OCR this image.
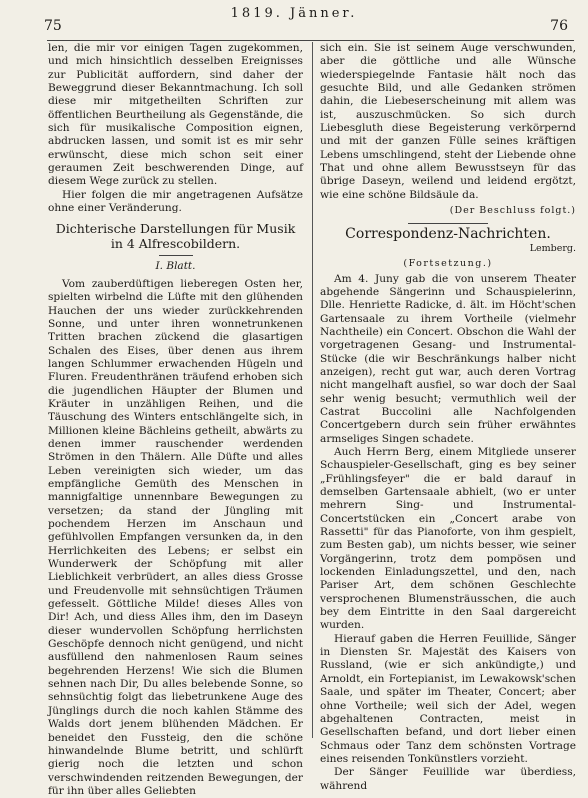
75
1819. Jänner.
76

len, die mir vor einigen Tagen zugekommen, und mich hinsichtlich desselben Ereignisses zur Publicität auffordern, sind daher der Beweggrund dieser Bekanntmachung. Ich soll diese mir mitgetheilten Schriften zur öffentlichen Beurtheilung als Gegenstände, die sich für musikalische Composition eignen, abdrucken lassen, und somit ist es mir sehr erwünscht, diese mich schon seit einer geraumen Zeit beschwerenden Dinge, auf diesem Wege zurück zu stellen.

Hier folgen die mir angetragenen Aufsätze ohne einer Veränderung.

Dichterische Darstellungen für Musik in 4 Alfrescobildern.
I. Blatt.

Vom zauberdüftigen lieberegen Osten her, spielten wirbelnd die Lüfte mit den glühenden Hauchen der uns wieder zurückkehrenden Sonne, und unter ihren wonnetrunkenen Tritten brachen zückend die glasartigen Schalen des Eises, über denen aus ihrem langen Schlummer erwachenden Hügeln und Fluren. Freudenthränen träufend erhoben sich die jugendlichen Häupter der Blumen und Kräuter in unzähligen Reihen, und die Täuschung des Winters entschlängelte sich, in Millionen kleine Bächleins getheilt, abwärts zu denen immer rauschender werdenden Strömen in den Thälern. Alle Düfte und alles Leben vereinigten sich wieder, um das empfängliche Gemüth des Menschen in mannigfaltige unnennbare Bewegungen zu versetzen; da stand der Jüngling mit pochendem Herzen im Anschaun und gefühlvollen Empfangen versunken da, in den Herrlichkeiten des Lebens; er selbst ein Wunderwerk der Schöpfung mit aller Lieblichkeit verbrüdert, an alles diess Grosse und Freudenvolle mit sehnsüchtigen Träumen gefesselt. Göttliche Milde! dieses Alles von Dir! Ach, und diess Alles ihm, den im Daseyn dieser wundervollen Schöpfung herrlichsten Geschöpfe dennoch nicht genügend, und nicht ausfüllend den nahmenlosen Raum seines begehrenden Herzens! Wie sich die Blumen sehnen nach Dir, Du alles belebende Sonne, so sehnsüchtig folgt das liebetrunkene Auge des Jünglings durch die noch kahlen Stämme des Walds dort jenem blühenden Mädchen. Er beneidet den Fussteig, den die schöne hinwandelnde Blume betritt, und schlürft gierig noch die letzten und schon verschwindenden reitzenden Bewegungen, der für ihn über alles Geliebten

sich ein. Sie ist seinem Auge verschwunden, aber die göttliche und alle Wünsche wiederspiegelnde Fantasie hält noch das gesuchte Bild, und alle Gedanken strömen dahin, die Liebeserscheinung mit allem was ist, auszuschmücken. So sich durch Liebesgluth diese Begeisterung verkörpernd und mit der ganzen Fülle seines kräftigen Lebens umschlingend, steht der Liebende ohne That und ohne allem Bewusstseyn für das übrige Daseyn, weilend und leidend ergötzt, wie eine schöne Bildsäule da.

(Der Beschluss folgt.)
Correspondenz-Nachrichten.
Lemberg.
(Fortsetzung.)

Am 4. Juny gab die von unserem Theater abgehende Sängerinn und Schauspielerinn, Dlle. Henriette Radicke, d. ält. im Höcht'schen Gartensaale zu ihrem Vortheile (vielmehr Nachtheile) ein Concert. Obschon die Wahl der vorgetragenen Gesang- und Instrumental-Stücke (die wir Beschränkungs halber nicht anzeigen), recht gut war, auch deren Vortrag nicht mangelhaft ausfiel, so war doch der Saal sehr wenig besucht; vermuthlich weil der Castrat Buccolini alle Nachfolgenden Concertgebern durch sein früher erwähntes armseliges Singen schadete.

Auch Herrn Berg, einem Mitgliede unserer Schauspieler-Gesellschaft, ging es bey seiner „Frühlingsfeyer" die er bald darauf in demselben Gartensaale abhielt, (wo er unter mehrern Sing- und Instrumental-Concertstücken ein „Concert arabe von Rassetti" für das Pianoforte, von ihm gespielt, zum Besten gab), um nichts besser, wie seiner Vorgängerinn, trotz dem pompösen und lockenden Einladungszettel, und den, nach Pariser Art, dem schönen Geschlechte versprochenen Blumensträusschen, die auch bey dem Eintritte in den Saal dargereicht wurden.

Hierauf gaben die Herren Feuillide, Sänger in Diensten Sr. Majestät des Kaisers von Russland, (wie er sich ankündigte,) und Arnoldt, ein Fortepianist, im Lewakowsk'schen Saale, und später im Theater, Concert; aber ohne Vortheile; weil sich der Adel, wegen abgehaltenen Contracten, meist in Gesellschaften befand, und dort lieber einen Schmaus oder Tanz dem schönsten Vortrage eines reisenden Tonkünstlers vorzieht.

Der Sänger Feuillide war überdiess, während
